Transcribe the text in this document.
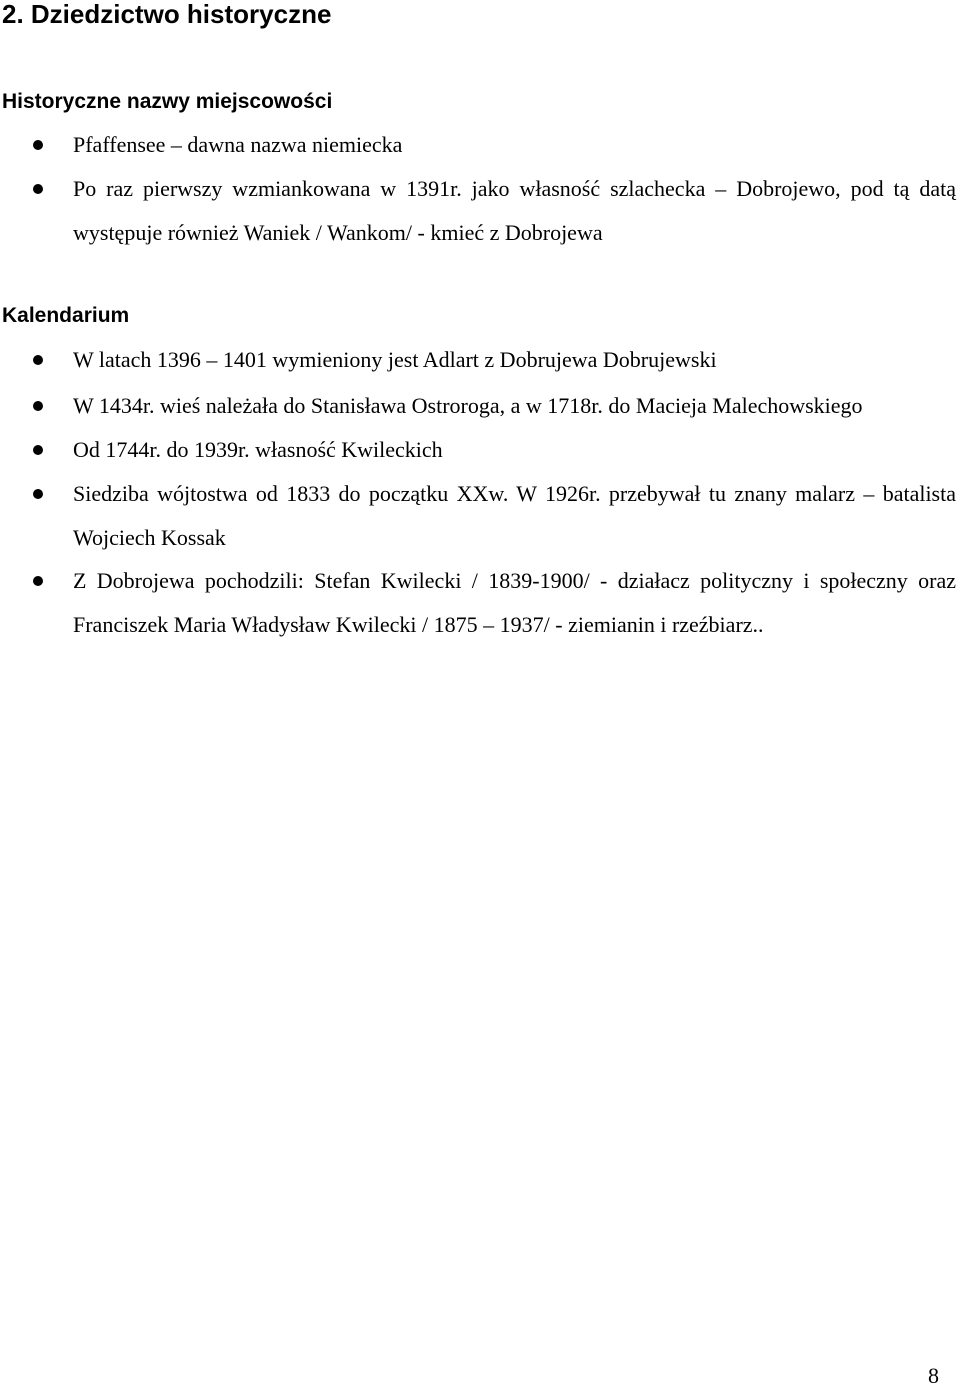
2. Dziedzictwo historyczne
Historyczne nazwy miejscowości
Pfaffensee – dawna nazwa niemiecka
Po raz pierwszy wzmiankowana w 1391r. jako własność szlachecka – Dobrojewo, pod tą datą występuje również Waniek / Wankom/ - kmieć z Dobrojewa
Kalendarium
W latach 1396 – 1401 wymieniony jest Adlart z Dobrujewa Dobrujewski
W 1434r. wieś należała do Stanisława Ostroroga, a w 1718r. do Macieja Malechowskiego
Od 1744r. do 1939r. własność Kwileckich
Siedziba wójtostwa od 1833 do początku XXw. W 1926r. przebywał tu znany malarz – batalista Wojciech Kossak
Z Dobrojewa pochodzili: Stefan Kwilecki / 1839-1900/ - działacz polityczny i społeczny oraz Franciszek Maria Władysław Kwilecki / 1875 – 1937/ - ziemianin i rzeźbiarz..
8
